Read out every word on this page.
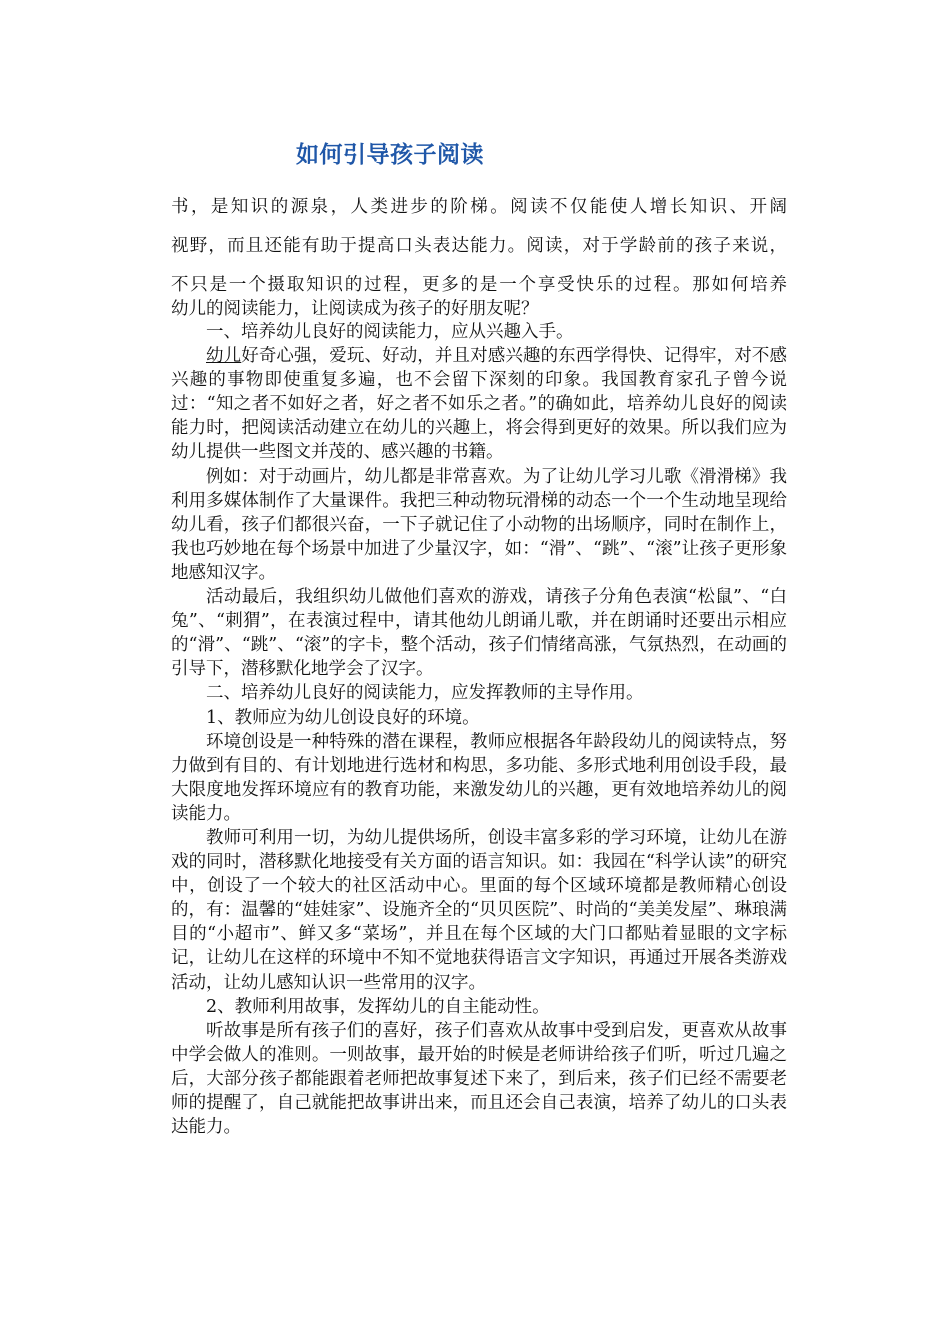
如何引导孩子阅读

书，是知识的源泉，人类进步的阶梯。阅读不仅能使人增长知识、开阔

视野，而且还能有助于提高口头表达能力。阅读，对于学龄前的孩子来说，

不只是一个摄取知识的过程，更多的是一个享受快乐的过程。那如何培养

幼儿的阅读能力，让阅读成为孩子的好朋友呢？

一、培养幼儿良好的阅读能力，应从兴趣入手。

幼儿好奇心强，爱玩、好动，并且对感兴趣的东西学得快、记得牢，对不感兴趣的事物即使重复多遍，也不会留下深刻的印象。我国教育家孔子曾今说过：“知之者不如好之者，好之者不如乐之者。”的确如此，培养幼儿良好的阅读能力时，把阅读活动建立在幼儿的兴趣上，将会得到更好的效果。所以我们应为幼儿提供一些图文并茂的、感兴趣的书籍。

例如：对于动画片，幼儿都是非常喜欢。为了让幼儿学习儿歌《滑滑梯》我利用多媒体制作了大量课件。我把三种动物玩滑梯的动态一个一个生动地呈现给幼儿看，孩子们都很兴奋，一下子就记住了小动物的出场顺序，同时在制作上，我也巧妙地在每个场景中加进了少量汉字，如：“滑”、“跳”、“滚”让孩子更形象地感知汉字。

活动最后，我组织幼儿做他们喜欢的游戏，请孩子分角色表演“松鼠”、“白兔”、“刺猬”，在表演过程中，请其他幼儿朗诵儿歌，并在朗诵时还要出示相应的“滑”、“跳”、“滚”的字卡，整个活动，孩子们情绪高涨，气氛热烈，在动画的引导下，潜移默化地学会了汉字。

二、培养幼儿良好的阅读能力，应发挥教师的主导作用。

1、教师应为幼儿创设良好的环境。

环境创设是一种特殊的潜在课程，教师应根据各年龄段幼儿的阅读特点，努力做到有目的、有计划地进行选材和构思，多功能、多形式地利用创设手段，最大限度地发挥环境应有的教育功能，来激发幼儿的兴趣，更有效地培养幼儿的阅读能力。

教师可利用一切，为幼儿提供场所，创设丰富多彩的学习环境，让幼儿在游戏的同时，潜移默化地接受有关方面的语言知识。如：我园在“科学认读”的研究中，创设了一个较大的社区活动中心。里面的每个区域环境都是教师精心创设的，有：温馨的“娃娃家”、设施齐全的“贝贝医院”、时尚的“美美发屋”、琳琅满目的“小超市”、鲜又多“菜场”，并且在每个区域的大门口都贴着显眼的文字标记，让幼儿在这样的环境中不知不觉地获得语言文字知识，再通过开展各类游戏活动，让幼儿感知认识一些常用的汉字。

2、教师利用故事，发挥幼儿的自主能动性。

听故事是所有孩子们的喜好，孩子们喜欢从故事中受到启发，更喜欢从故事中学会做人的准则。一则故事，最开始的时候是老师讲给孩子们听，听过几遍之后，大部分孩子都能跟着老师把故事复述下来了，到后来，孩子们已经不需要老师的提醒了，自己就能把故事讲出来，而且还会自己表演，培养了幼儿的口头表达能力。
